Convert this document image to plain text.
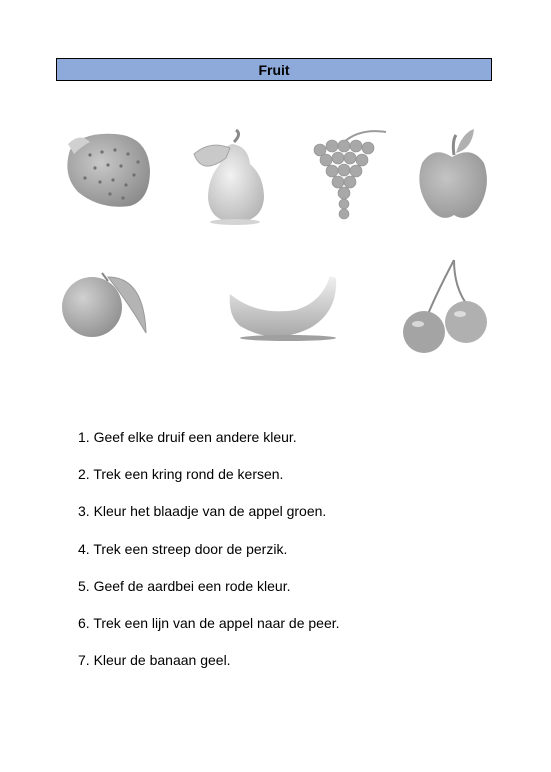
Fruit
1. Geef elke druif een andere kleur.
2. Trek een kring rond de kersen.
3. Kleur het blaadje van de appel groen.
4. Trek een streep door de perzik.
5. Geef de aardbei een rode kleur.
6. Trek een lijn van de appel naar de peer.
7. Kleur de banaan geel.
